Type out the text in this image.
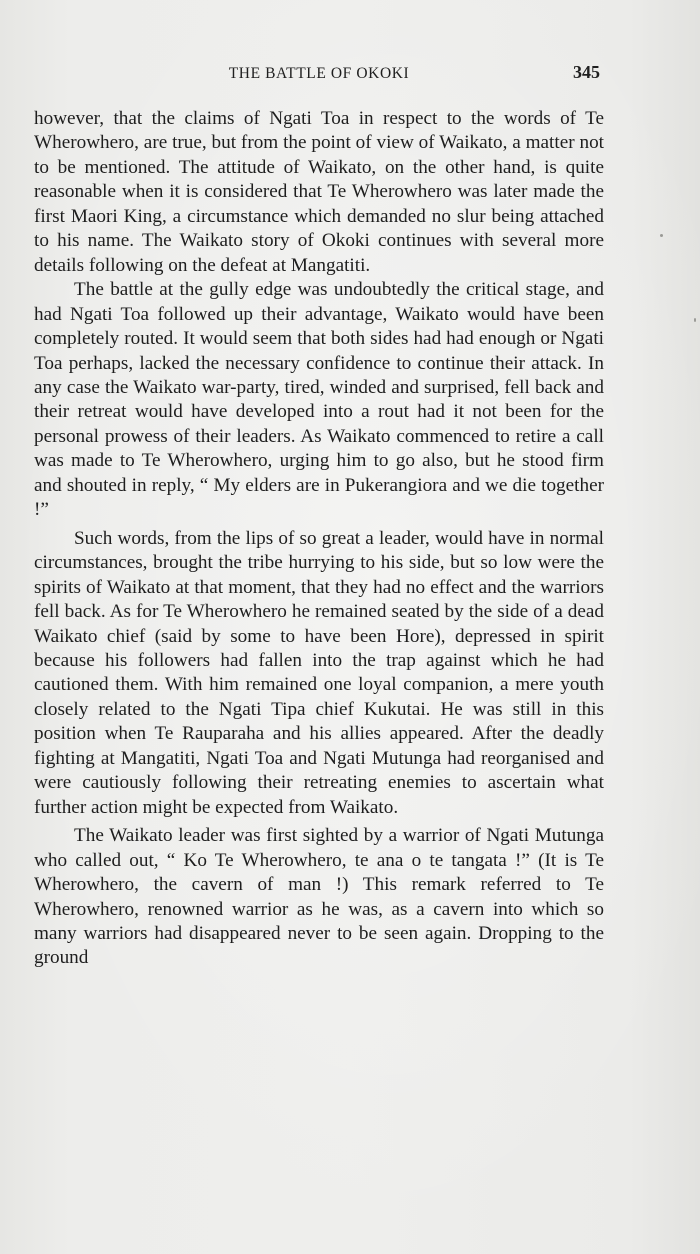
THE BATTLE OF OKOKI	345

however, that the claims of Ngati Toa in respect to the words of Te Wherowhero, are true, but from the point of view of Waikato, a matter not to be mentioned. The attitude of Waikato, on the other hand, is quite reasonable when it is considered that Te Wherowhero was later made the first Maori King, a circumstance which demanded no slur being attached to his name. The Waikato story of Okoki continues with several more details following on the defeat at Mangatiti.

The battle at the gully edge was undoubtedly the critical stage, and had Ngati Toa followed up their advantage, Waikato would have been completely routed. It would seem that both sides had had enough or Ngati Toa perhaps, lacked the necessary confidence to continue their attack. In any case the Waikato war-party, tired, winded and surprised, fell back and their retreat would have developed into a rout had it not been for the personal prowess of their leaders. As Waikato commenced to retire a call was made to Te Wherowhero, urging him to go also, but he stood firm and shouted in reply, “ My elders are in Pukerangiora and we die together !”

Such words, from the lips of so great a leader, would have in normal circumstances, brought the tribe hurrying to his side, but so low were the spirits of Waikato at that moment, that they had no effect and the warriors fell back. As for Te Wherowhero he remained seated by the side of a dead Waikato chief (said by some to have been Hore), depressed in spirit because his followers had fallen into the trap against which he had cautioned them. With him remained one loyal companion, a mere youth closely related to the Ngati Tipa chief Kukutai. He was still in this position when Te Rauparaha and his allies appeared. After the deadly fighting at Mangatiti, Ngati Toa and Ngati Mutunga had reorganised and were cautiously following their retreating enemies to ascertain what further action might be expected from Waikato.

The Waikato leader was first sighted by a warrior of Ngati Mutunga who called out, “ Ko Te Wherowhero, te ana o te tangata !” (It is Te Wherowhero, the cavern of man !) This remark referred to Te Wherowhero, renowned warrior as he was, as a cavern into which so many warriors had disappeared never to be seen again. Dropping to the ground
